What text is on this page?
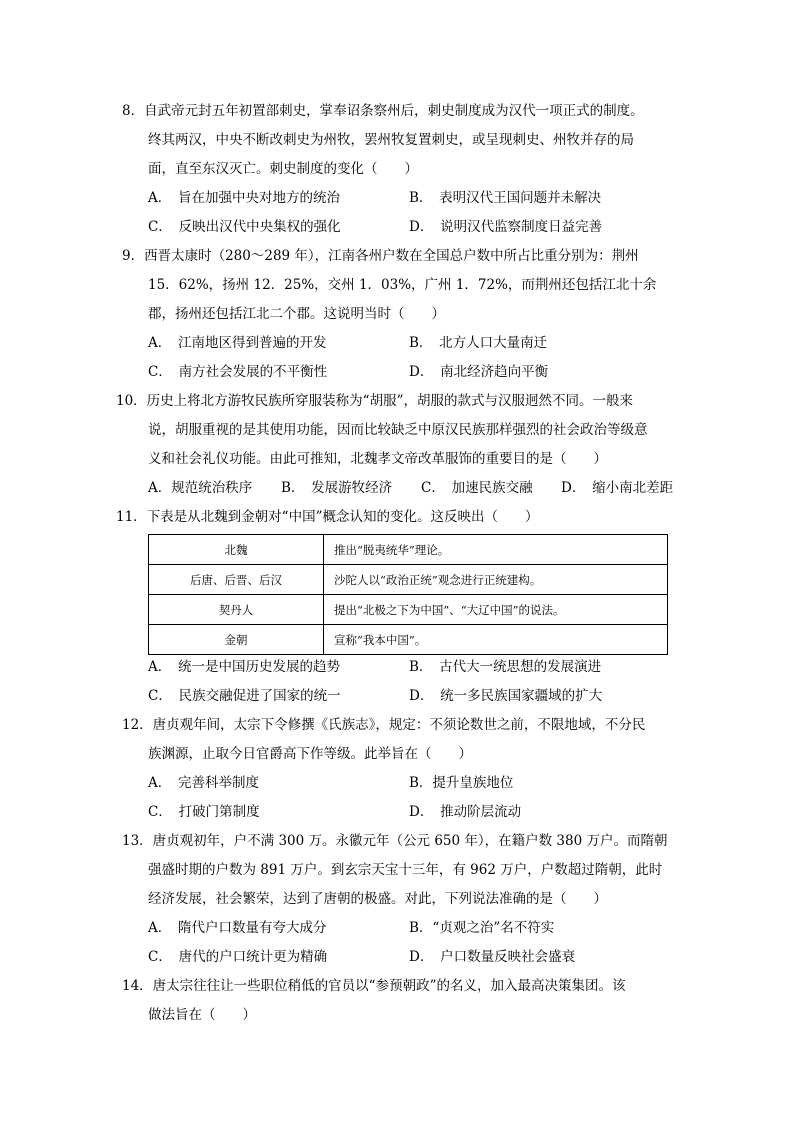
8．自武帝元封五年初置部刺史，掌奉诏条察州后，刺史制度成为汉代一项正式的制度。
终其两汉，中央不断改刺史为州牧，罢州牧复置刺史，或呈现刺史、州牧并存的局
面，直至东汉灭亡。刺史制度的变化（　　）
A．　旨在加强中央对地方的统治	B．　表明汉代王国问题并未解决
C．　反映出汉代中央集权的强化	D．　说明汉代监察制度日益完善
9．西晋太康时（280～289 年），江南各州户数在全国总户数中所占比重分别为：荆州
15．62%，扬州 12．25%，交州 1．03%，广州 1．72%，而荆州还包括江北十余
郡，扬州还包括江北二个郡。这说明当时（　　）
A．　江南地区得到普遍的开发	B．　北方人口大量南迁
C．　南方社会发展的不平衡性	D．　南北经济趋向平衡
10．历史上将北方游牧民族所穿服装称为“胡服”，胡服的款式与汉服迥然不同。一般来
说，胡服重视的是其使用功能，因而比较缺乏中原汉民族那样强烈的社会政治等级意
义和社会礼仪功能。由此可推知，北魏孝文帝改革服饰的重要目的是（　　）
A．规范统治秩序 B．　发展游牧经济 C．　加速民族交融 D．　缩小南北差距
11．下表是从北魏到金朝对“中国”概念认知的变化。这反映出（　　）
北魏	推出“脱夷统华”理论。
后唐、后晋、后汉	沙陀人以“政治正统”观念进行正统建构。
契丹人	提出“北极之下为中国”、“大辽中国”的说法。
金朝	宣称“我本中国”。
A．　统一是中国历史发展的趋势	B．　古代大一统思想的发展演进
C．　民族交融促进了国家的统一	D．　统一多民族国家疆域的扩大
12．唐贞观年间，太宗下令修撰《氏族志》，规定：不须论数世之前，不限地域，不分民
族渊源，止取今日官爵高下作等级。此举旨在（　　）
A．　完善科举制度	B．提升皇族地位
C．　打破门第制度	D．　推动阶层流动
13．唐贞观初年，户不满 300 万。永徽元年（公元 650 年），在籍户数 380 万户。而隋朝
强盛时期的户数为 891 万户。到玄宗天宝十三年，有 962 万户，户数超过隋朝，此时
经济发展，社会繁荣，达到了唐朝的极盛。对此，下列说法准确的是（　　）
A．　隋代户口数量有夸大成分	B．“贞观之治”名不符实
C．　唐代的户口统计更为精确	D．　户口数量反映社会盛衰
14．唐太宗往往让一些职位稍低的官员以“参预朝政”的名义，加入最高决策集团。该
做法旨在（　　）
